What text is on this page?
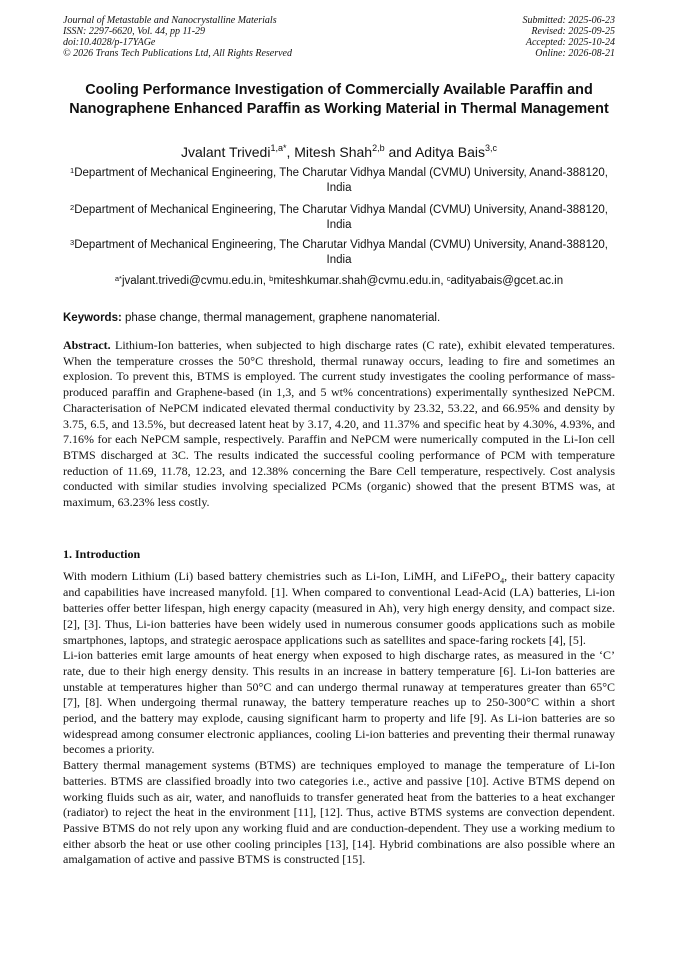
Journal of Metastable and Nanocrystalline Materials
ISSN: 2297-6620, Vol. 44, pp 11-29
doi:10.4028/p-17YAGe
© 2026 Trans Tech Publications Ltd, All Rights Reserved
Submitted: 2025-06-23
Revised: 2025-09-25
Accepted: 2025-10-24
Online: 2026-08-21
Cooling Performance Investigation of Commercially Available Paraffin and Nanographene Enhanced Paraffin as Working Material in Thermal Management
Jvalant Trivedi$^{1,a*}$, Mitesh Shah$^{2,b}$ and Aditya Bais$^{3,c}$
$^1$Department of Mechanical Engineering, The Charutar Vidhya Mandal (CVMU) University, Anand-388120, India
$^2$Department of Mechanical Engineering, The Charutar Vidhya Mandal (CVMU) University, Anand-388120, India
$^3$Department of Mechanical Engineering, The Charutar Vidhya Mandal (CVMU) University, Anand-388120, India
$^{a*}$jvalant.trivedi@cvmu.edu.in, $^b$miteshkumar.shah@cvmu.edu.in, $^c$adityabais@gcet.ac.in
Keywords: phase change, thermal management, graphene nanomaterial.

Abstract. Lithium-Ion batteries, when subjected to high discharge rates (C rate), exhibit elevated temperatures. When the temperature crosses the 50°C threshold, thermal runaway occurs, leading to fire and sometimes an explosion. To prevent this, BTMS is employed. The current study investigates the cooling performance of mass-produced paraffin and Graphene-based (in 1,3, and 5 wt% concentrations) experimentally synthesized NePCM. Characterisation of NePCM indicated elevated thermal conductivity by 23.32, 53.22, and 66.95% and density by 3.75, 6.5, and 13.5%, but decreased latent heat by 3.17, 4.20, and 11.37% and specific heat by 4.30%, 4.93%, and 7.16% for each NePCM sample, respectively. Paraffin and NePCM were numerically computed in the Li-Ion cell BTMS discharged at 3C. The results indicated the successful cooling performance of PCM with temperature reduction of 11.69, 11.78, 12.23, and 12.38% concerning the Bare Cell temperature, respectively. Cost analysis conducted with similar studies involving specialized PCMs (organic) showed that the present BTMS was, at maximum, 63.23% less costly.

1. Introduction

With modern Lithium (Li) based battery chemistries such as Li-Ion, LiMH, and LiFePO$_4$, their battery capacity and capabilities have increased manyfold. [1]. When compared to conventional Lead-Acid (LA) batteries, Li-ion batteries offer better lifespan, high energy capacity (measured in Ah), very high energy density, and compact size. [2], [3]. Thus, Li-ion batteries have been widely used in numerous consumer goods applications such as mobile smartphones, laptops, and strategic aerospace applications such as satellites and space-faring rockets [4], [5].

Li-ion batteries emit large amounts of heat energy when exposed to high discharge rates, as measured in the ‘C’ rate, due to their high energy density. This results in an increase in battery temperature [6]. Li-Ion batteries are unstable at temperatures higher than 50°C and can undergo thermal runaway at temperatures greater than 65°C [7], [8]. When undergoing thermal runaway, the battery temperature reaches up to 250-300°C within a short period, and the battery may explode, causing significant harm to property and life [9]. As Li-ion batteries are so widespread among consumer electronic appliances, cooling Li-ion batteries and preventing their thermal runaway becomes a priority.

Battery thermal management systems (BTMS) are techniques employed to manage the temperature of Li-Ion batteries. BTMS are classified broadly into two categories i.e., active and passive [10]. Active BTMS depend on working fluids such as air, water, and nanofluids to transfer generated heat from the batteries to a heat exchanger (radiator) to reject the heat in the environment [11], [12]. Thus, active BTMS systems are convection dependent. Passive BTMS do not rely upon any working fluid and are conduction-dependent. They use a working medium to either absorb the heat or use other cooling principles [13], [14]. Hybrid combinations are also possible where an amalgamation of active and passive BTMS is constructed [15].
